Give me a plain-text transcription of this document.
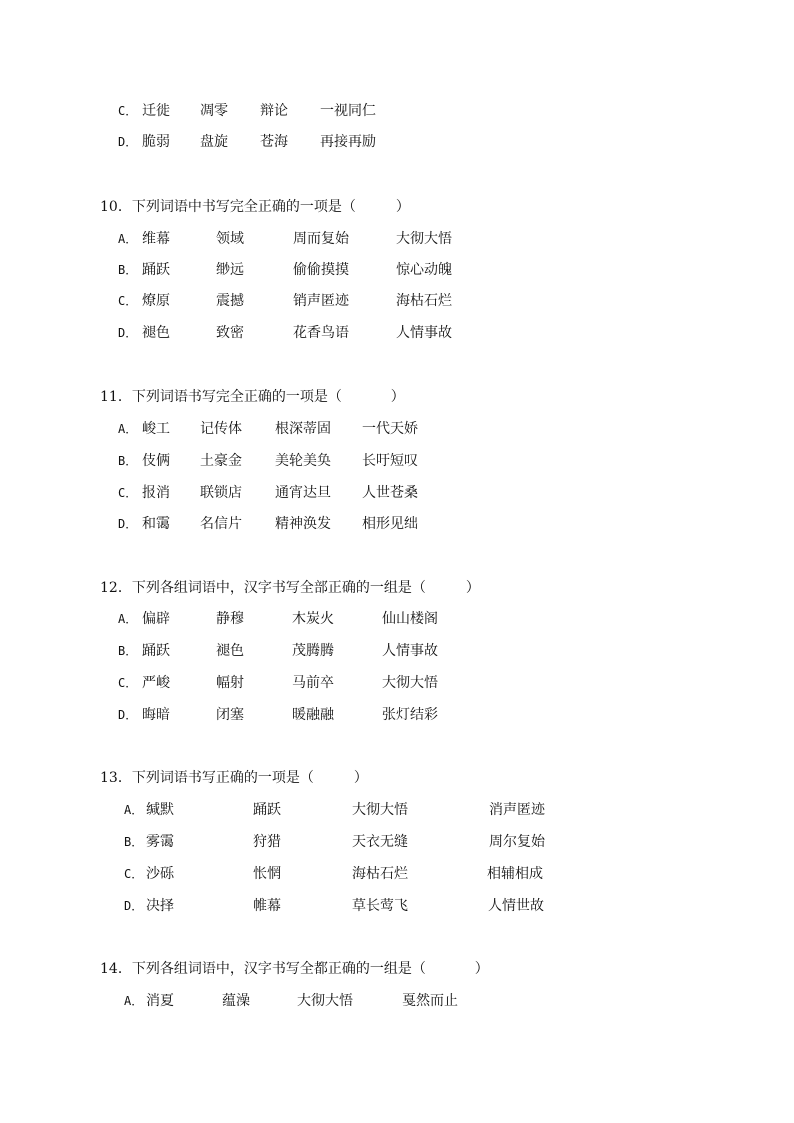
C． 迁徙 凋零 辩论 一视同仁
D． 脆弱 盘旋 苍海 再接再励
10．下列词语中书写完全正确的一项是（         ）
A． 维幕	领域	周而复始	大彻大悟
B． 踊跃	缈远	偷偷摸摸	惊心动魄
C． 燎原	震撼	销声匿迹	海枯石烂
D． 褪色	致密	花香鸟语	人情事故
11．下列词语书写完全正确的一项是（           ）
A． 峻工 记传体 根深蒂固 一代天娇
B． 伎俩 土豪金 美轮美奂 长吁短叹
C． 报消 联锁店 通宵达旦 人世苍桑
D． 和霭 名信片 精神涣发 相形见绌
12．下列各组词语中，汉字书写全部正确的一组是（         ）
A． 偏辟	静穆	木炭火	仙山楼阁
B． 踊跃	褪色	茂腾腾	人情事故
C． 严峻	幅射	马前卒	大彻大悟
D． 晦暗	闭塞	暖融融	张灯结彩
13．下列词语书写正确的一项是（         ）
A． 缄默	踊跃	大彻大悟	消声匿迹
B． 雾霭	狩猎	天衣无缝	周尔复始
C． 沙砾	怅惘	海枯石烂	相辅相成
D． 决择	帷幕	草长莺飞	人情世故
14．下列各组词语中，汉字书写全都正确的一组是（           ）
A． 消夏	蕴澡	大彻大悟	戛然而止
